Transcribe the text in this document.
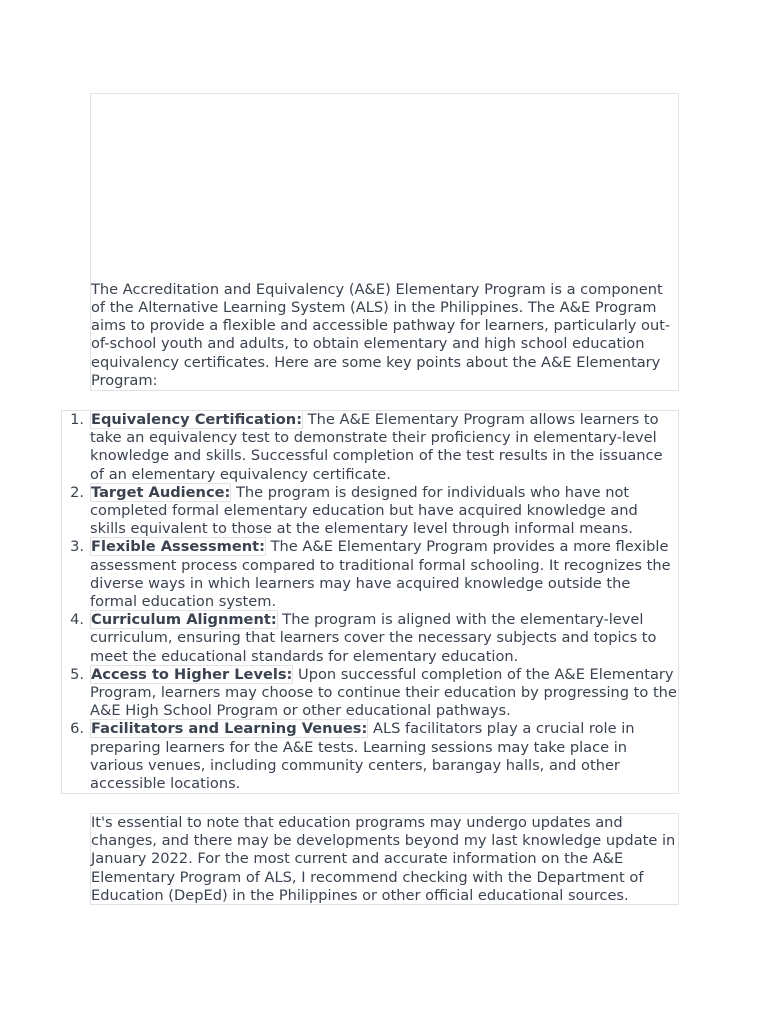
The Accreditation and Equivalency (A&E) Elementary Program is a component of the Alternative Learning System (ALS) in the Philippines. The A&E Program aims to provide a flexible and accessible pathway for learners, particularly out-of-school youth and adults, to obtain elementary and high school education equivalency certificates. Here are some key points about the A&E Elementary Program:

Equivalency Certification: The A&E Elementary Program allows learners to take an equivalency test to demonstrate their proficiency in elementary-level knowledge and skills. Successful completion of the test results in the issuance of an elementary equivalency certificate.
Target Audience: The program is designed for individuals who have not completed formal elementary education but have acquired knowledge and skills equivalent to those at the elementary level through informal means.
Flexible Assessment: The A&E Elementary Program provides a more flexible assessment process compared to traditional formal schooling. It recognizes the diverse ways in which learners may have acquired knowledge outside the formal education system.
Curriculum Alignment: The program is aligned with the elementary-level curriculum, ensuring that learners cover the necessary subjects and topics to meet the educational standards for elementary education.
Access to Higher Levels: Upon successful completion of the A&E Elementary Program, learners may choose to continue their education by progressing to the A&E High School Program or other educational pathways.
Facilitators and Learning Venues: ALS facilitators play a crucial role in preparing learners for the A&E tests. Learning sessions may take place in various venues, including community centers, barangay halls, and other accessible locations.

It's essential to note that education programs may undergo updates and changes, and there may be developments beyond my last knowledge update in January 2022. For the most current and accurate information on the A&E Elementary Program of ALS, I recommend checking with the Department of Education (DepEd) in the Philippines or other official educational sources.
